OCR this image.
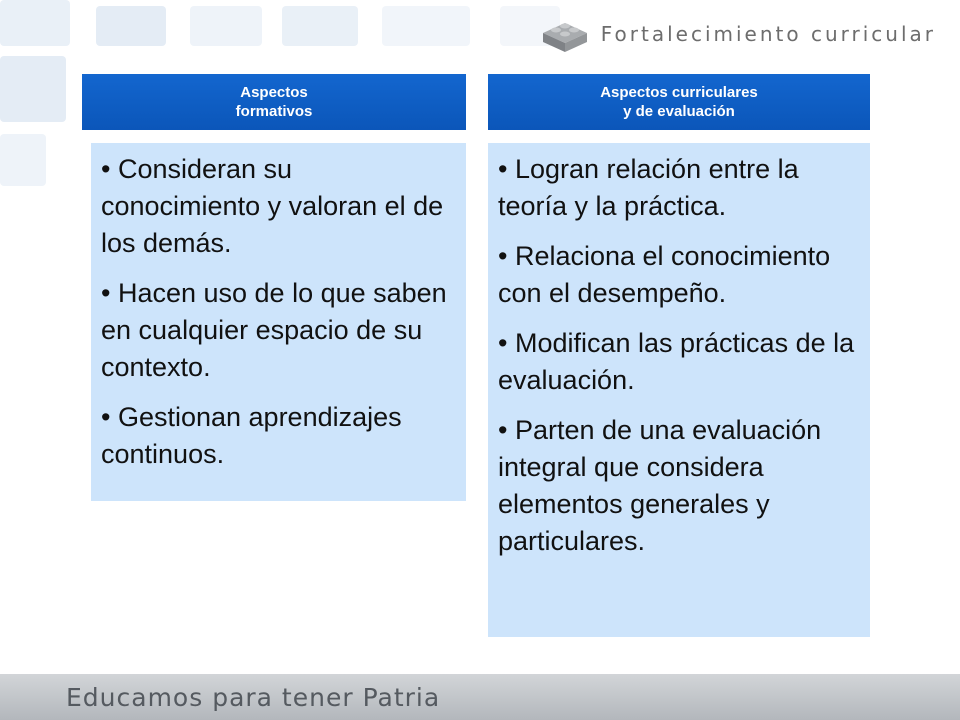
Fortalecimiento curricular
Aspectos
formativos
Aspectos curriculares
y de evaluación

• Consideran su conocimiento y valoran el de los demás.

• Hacen uso de lo que saben en cualquier espacio de su contexto.

• Gestionan aprendizajes continuos.

• Logran relación entre la teoría y la práctica.

• Relaciona el conocimiento con el desempeño.

• Modifican las prácticas de la evaluación.

• Parten de una evaluación integral que considera elementos generales y particulares.

Educamos para tener Patria
